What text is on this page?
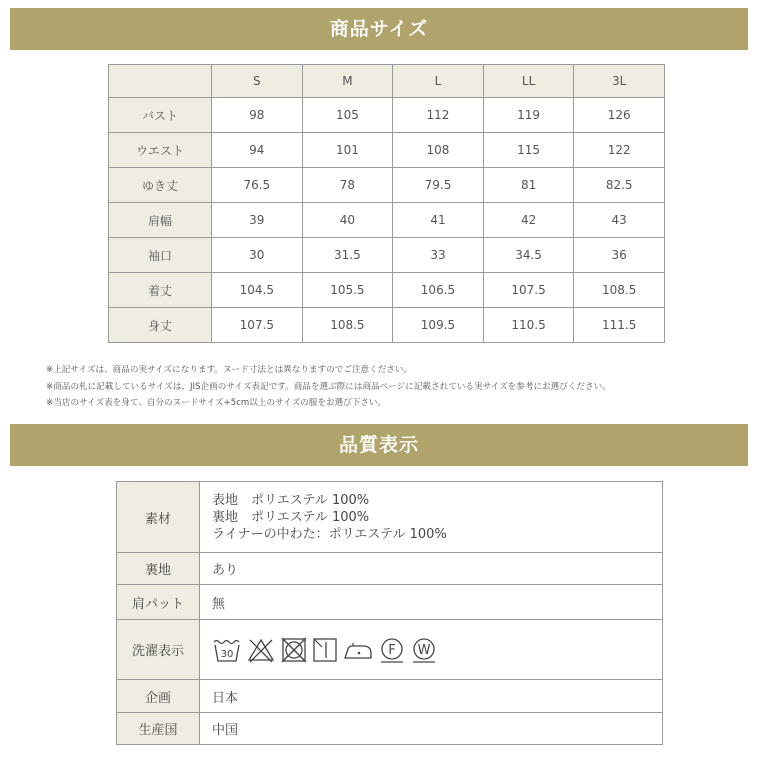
商品サイズ
	S	M	L	LL	3L
バスト	98	105	112	119	126
ウエスト	94	101	108	115	122
ゆき丈	76.5	78	79.5	81	82.5
肩幅	39	40	41	42	43
袖口	30	31.5	33	34.5	36
着丈	104.5	105.5	106.5	107.5	108.5
身丈	107.5	108.5	109.5	110.5	111.5
※上記サイズは、商品の実サイズになります。ヌード寸法とは異なりますのでご注意ください。
※商品の札に記載しているサイズは、JIS企画のサイズ表記です。商品を選ぶ際には商品ページに記載されている実サイズを参考にお選びください。
※当店のサイズ表を身て、自分のヌードサイズ+5cm以上のサイズの服をお選び下さい。
品質表示
素材	表地　ポリエステル 100%
裏地　ポリエステル 100%
ライナーの中わた：ポリエステル 100%

裏地	あり
肩パット	無
洗濯表示	30 F W

企画	日本
生産国	中国
